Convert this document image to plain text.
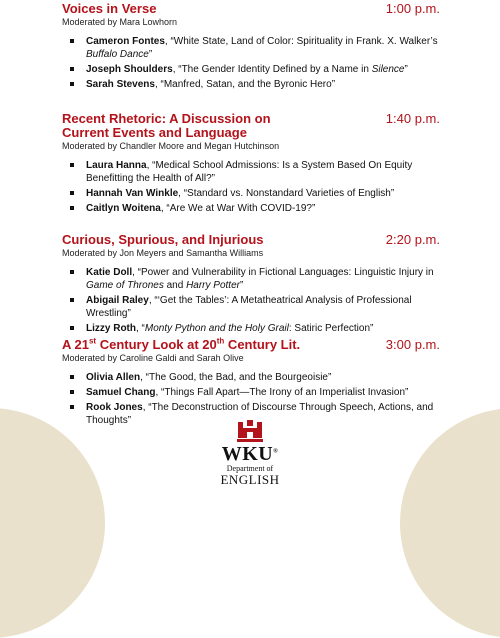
Voices in Verse	1:00 p.m.
Moderated by Mara Lowhorn
Cameron Fontes, “White State, Land of Color: Spirituality in Frank. X. Walker’s Buffalo Dance”
Joseph Shoulders, “The Gender Identity Defined by a Name in Silence”
Sarah Stevens, “Manfred, Satan, and the Byronic Hero”
Recent Rhetoric: A Discussion on
Current Events and Language
1:40 p.m.
Moderated by Chandler Moore and Megan Hutchinson
Laura Hanna, “Medical School Admissions: Is a System Based On Equity Benefitting the Health of All?”
Hannah Van Winkle, “Standard vs. Nonstandard Varieties of English”
Caitlyn Woitena, “Are We at War With COVID-19?”
Curious, Spurious, and Injurious	2:20 p.m.
Moderated by Jon Meyers and Samantha Williams
Katie Doll, “Power and Vulnerability in Fictional Languages: Linguistic Injury in Game of Thrones and Harry Potter”
Abigail Raley, “‘Get the Tables’: A Metatheatrical Analysis of Professional Wrestling”
Lizzy Roth, “Monty Python and the Holy Grail: Satiric Perfection”
A 21st Century Look at 20th Century Lit.	3:00 p.m.
Moderated by Caroline Galdi and Sarah Olive
Olivia Allen, “The Good, the Bad, and the Bourgeoisie”
Samuel Chang, “Things Fall Apart—The Irony of an Imperialist Invasion”
Rook Jones, “The Deconstruction of Discourse Through Speech, Actions, and Thoughts”
WKU®
Department of
ENGLISH
